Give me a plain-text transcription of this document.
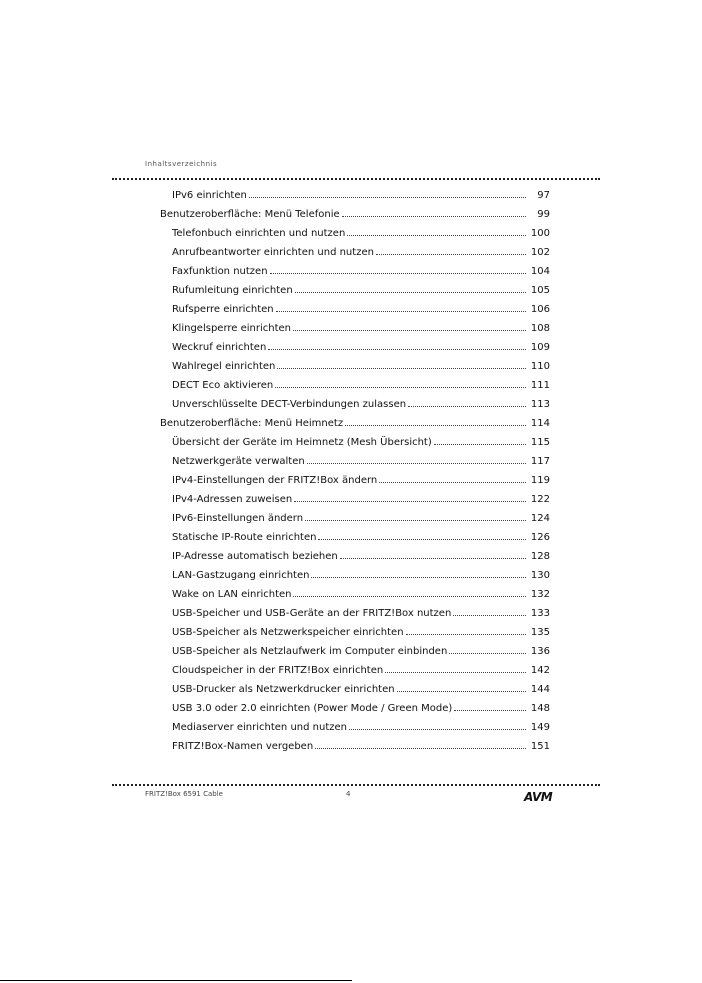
Inhaltsverzeichnis
IPv6 einrichten	97
Benutzeroberfläche: Menü Telefonie	99
Telefonbuch einrichten und nutzen	100
Anrufbeantworter einrichten und nutzen	102
Faxfunktion nutzen	104
Rufumleitung einrichten	105
Rufsperre einrichten	106
Klingelsperre einrichten	108
Weckruf einrichten	109
Wahlregel einrichten	110
DECT Eco aktivieren	111
Unverschlüsselte DECT-Verbindungen zulassen	113
Benutzeroberfläche: Menü Heimnetz	114
Übersicht der Geräte im Heimnetz (Mesh Übersicht)	115
Netzwerkgeräte verwalten	117
IPv4-Einstellungen der FRITZ!Box ändern	119
IPv4-Adressen zuweisen	122
IPv6-Einstellungen ändern	124
Statische IP-Route einrichten	126
IP-Adresse automatisch beziehen	128
LAN-Gastzugang einrichten	130
Wake on LAN einrichten	132
USB-Speicher und USB-Geräte an der FRITZ!Box nutzen	133
USB-Speicher als Netzwerkspeicher einrichten	135
USB-Speicher als Netzlaufwerk im Computer einbinden	136
Cloudspeicher in der FRITZ!Box einrichten	142
USB-Drucker als Netzwerkdrucker einrichten	144
USB 3.0 oder 2.0 einrichten (Power Mode / Green Mode)	148
Mediaserver einrichten und nutzen	149
FRITZ!Box-Namen vergeben	151
FRITZ!Box 6591 Cable	4	AVM
